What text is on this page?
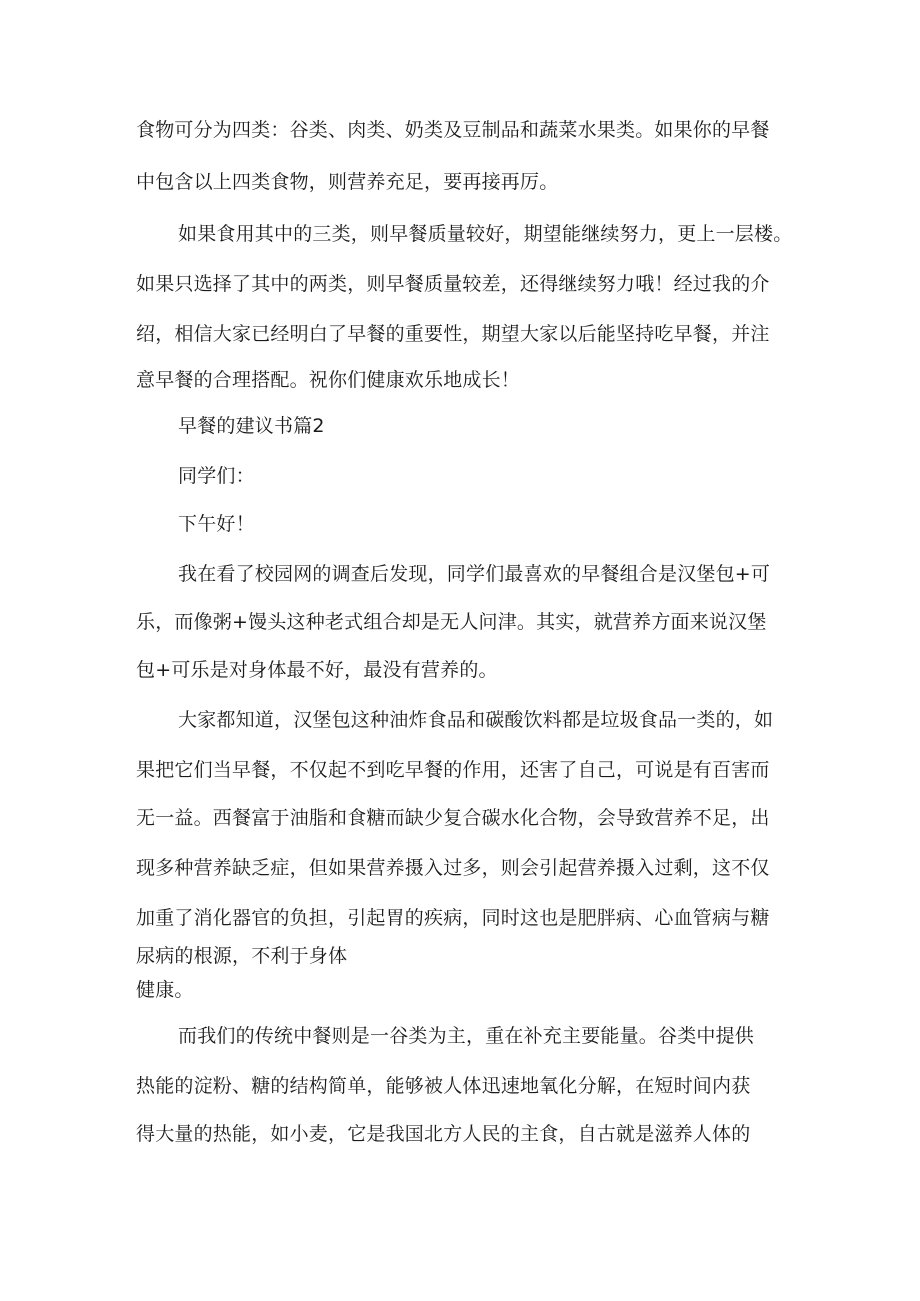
食物可分为四类：谷类、肉类、奶类及豆制品和蔬菜水果类。如果你的早餐
中包含以上四类食物，则营养充足，要再接再厉。
如果食用其中的三类，则早餐质量较好，期望能继续努力，更上一层楼。
如果只选择了其中的两类，则早餐质量较差，还得继续努力哦！经过我的介
绍，相信大家已经明白了早餐的重要性，期望大家以后能坚持吃早餐，并注
意早餐的合理搭配。祝你们健康欢乐地成长！
早餐的建议书篇2
同学们：
下午好！
我在看了校园网的调查后发现，同学们最喜欢的早餐组合是汉堡包+可
乐，而像粥+馒头这种老式组合却是无人问津。其实，就营养方面来说汉堡
包+可乐是对身体最不好，最没有营养的。
大家都知道，汉堡包这种油炸食品和碳酸饮料都是垃圾食品一类的，如
果把它们当早餐，不仅起不到吃早餐的作用，还害了自己，可说是有百害而
无一益。西餐富于油脂和食糖而缺少复合碳水化合物，会导致营养不足，出
现多种营养缺乏症，但如果营养摄入过多，则会引起营养摄入过剩，这不仅
加重了消化器官的负担，引起胃的疾病，同时这也是肥胖病、心血管病与糖
尿病的根源，不利于身体
健康。
而我们的传统中餐则是一谷类为主，重在补充主要能量。谷类中提供
热能的淀粉、糖的结构简单，能够被人体迅速地氧化分解，在短时间内获
得大量的热能，如小麦，它是我国北方人民的主食，自古就是滋养人体的
